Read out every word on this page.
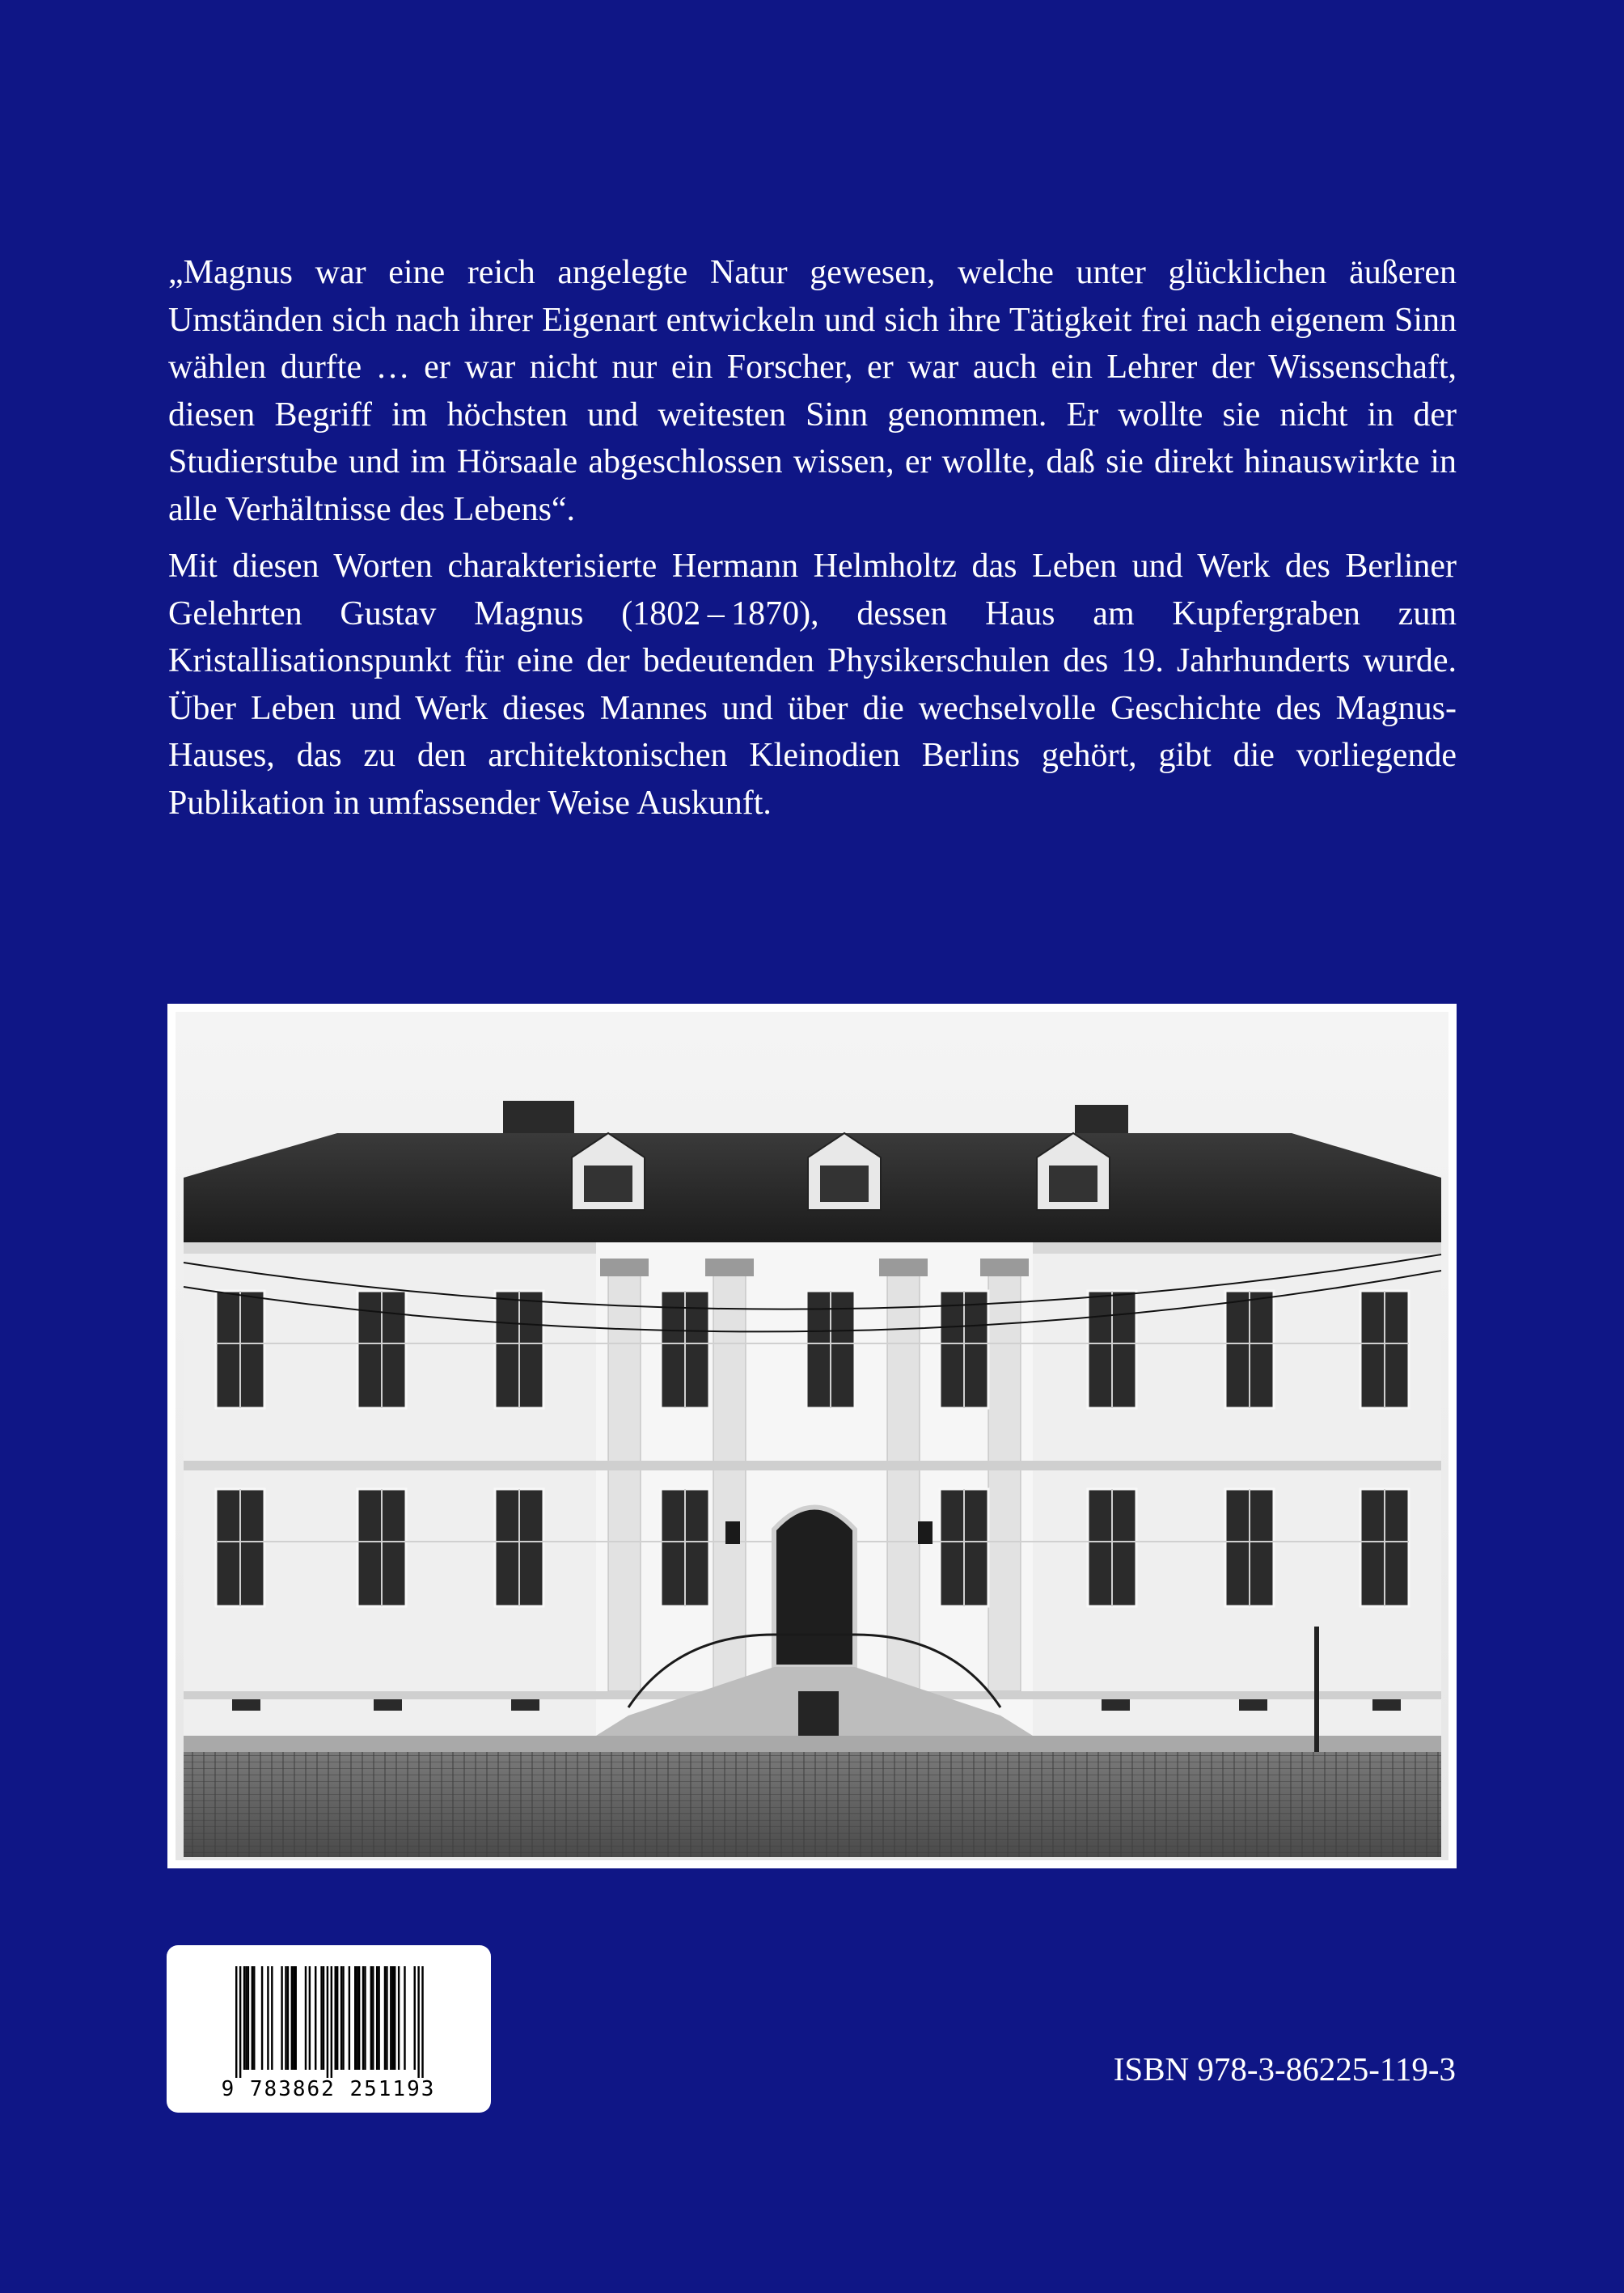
„Magnus war eine reich angelegte Natur gewesen, welche unter glücklichen äußeren Umständen sich nach ihrer Eigenart entwickeln und sich ihre Tätigkeit frei nach eigenem Sinn wählen durfte … er war nicht nur ein Forscher, er war auch ein Lehrer der Wissenschaft, diesen Begriff im höchsten und weitesten Sinn genommen. Er wollte sie nicht in der Studierstube und im Hörsaale abgeschlossen wissen, er wollte, daß sie direkt hinauswirkte in alle Verhältnisse des Lebens“.

Mit diesen Worten charakterisierte Hermann Helmholtz das Leben und Werk des Berliner Gelehrten Gustav Magnus (1802 – 1870), dessen Haus am Kupfergraben zum Kristallisationspunkt für eine der bedeutenden Physikerschulen des 19. Jahrhunderts wurde. Über Leben und Werk dieses Mannes und über die wechselvolle Geschichte des Magnus-Hauses, das zu den architektonischen Kleinodien Berlins gehört, gibt die vorliegende Publikation in umfassender Weise Auskunft.

9 783862 251193
ISBN 978-3-86225-119-3
